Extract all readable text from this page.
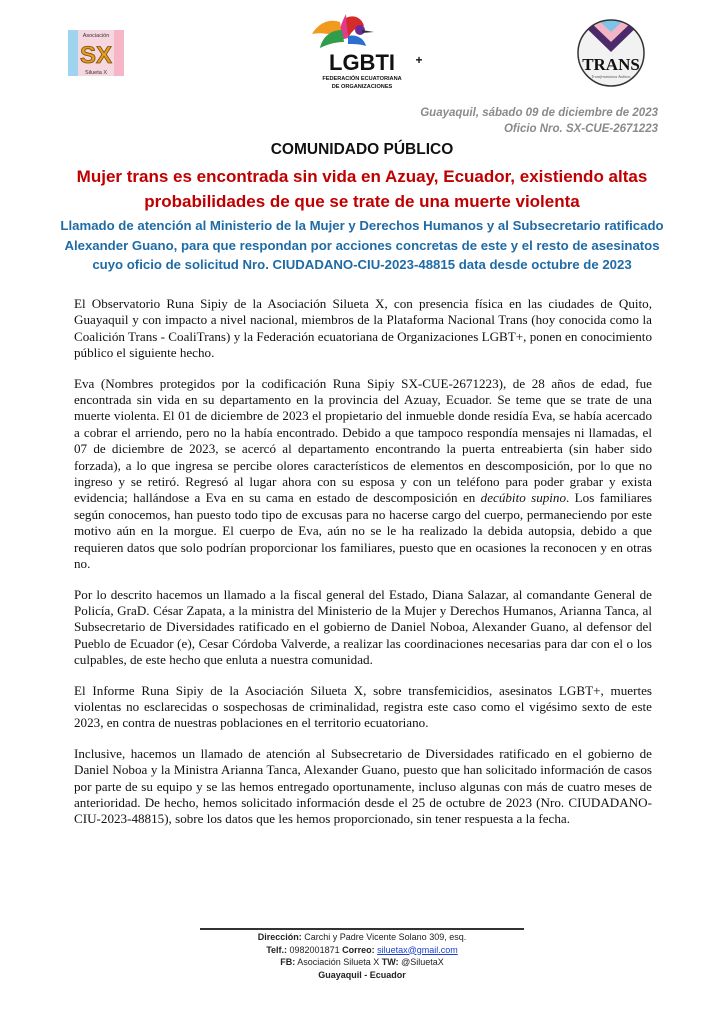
Asociación
SX
Silueta X	LGBTI +
FEDERACIÓN ECUATORIANA
DE ORGANIZACIONES
TRANS
Transfeminismos Andinos
Guayaquil, sábado 09 de diciembre de 2023
Oficio Nro. SX-CUE-2671223
COMUNIDADO PÚBLICO
Mujer trans es encontrada sin vida en Azuay, Ecuador, existiendo altas probabilidades de que se trate de una muerte violenta
Llamado de atención al Ministerio de la Mujer y Derechos Humanos y al Subsecretario ratificado Alexander Guano, para que respondan por acciones concretas de este y el resto de asesinatos cuyo oficio de solicitud Nro. CIUDADANO-CIU-2023-48815 data desde octubre de 2023

El Observatorio Runa Sipiy de la Asociación Silueta X, con presencia física en las ciudades de Quito, Guayaquil y con impacto a nivel nacional, miembros de la Plataforma Nacional Trans (hoy conocida como la Coalición Trans - CoaliTrans) y la Federación ecuatoriana de Organizaciones LGBT+, ponen en conocimiento público el siguiente hecho.

Eva (Nombres protegidos por la codificación Runa Sipiy SX-CUE-2671223), de 28 años de edad, fue encontrada sin vida en su departamento en la provincia del Azuay, Ecuador. Se teme que se trate de una muerte violenta. El 01 de diciembre de 2023 el propietario del inmueble donde residía Eva, se había acercado a cobrar el arriendo, pero no la había encontrado. Debido a que tampoco respondía mensajes ni llamadas, el 07 de diciembre de 2023, se acercó al departamento encontrando la puerta entreabierta (sin haber sido forzada), a lo que ingresa se percibe olores característicos de elementos en descomposición, por lo que no ingreso y se retiró. Regresó al lugar ahora con su esposa y con un teléfono para poder grabar y exista evidencia; hallándose a Eva en su cama en estado de descomposición en decúbito supino. Los familiares según conocemos, han puesto todo tipo de excusas para no hacerse cargo del cuerpo, permaneciendo por este motivo aún en la morgue. El cuerpo de Eva, aún no se le ha realizado la debida autopsia, debido a que requieren datos que solo podrían proporcionar los familiares, puesto que en ocasiones la reconocen y en otras no.

Por lo descrito hacemos un llamado a la fiscal general del Estado, Diana Salazar, al comandante General de Policía, GraD. César Zapata, a la ministra del Ministerio de la Mujer y Derechos Humanos, Arianna Tanca, al Subsecretario de Diversidades ratificado en el gobierno de Daniel Noboa, Alexander Guano, al defensor del Pueblo de Ecuador (e), Cesar Córdoba Valverde, a realizar las coordinaciones necesarias para dar con el o los culpables, de este hecho que enluta a nuestra comunidad.

El Informe Runa Sipiy de la Asociación Silueta X, sobre transfemicidios, asesinatos LGBT+, muertes violentas no esclarecidas o sospechosas de criminalidad, registra este caso como el vigésimo sexto de este 2023, en contra de nuestras poblaciones en el territorio ecuatoriano.

Inclusive, hacemos un llamado de atención al Subsecretario de Diversidades ratificado en el gobierno de Daniel Noboa y la Ministra Arianna Tanca, Alexander Guano, puesto que han solicitado información de casos por parte de su equipo y se las hemos entregado oportunamente, incluso algunas con más de cuatro meses de anterioridad. De hecho, hemos solicitado información desde el 25 de octubre de 2023 (Nro. CIUDADANO-CIU-2023-48815), sobre los datos que les hemos proporcionado, sin tener respuesta a la fecha.

Dirección: Carchi y Padre Vicente Solano 309, esq.
Telf.: 0982001871 Correo: siluetax@gmail.com
FB: Asociación Silueta X TW: @SiluetaX
Guayaquil - Ecuador
